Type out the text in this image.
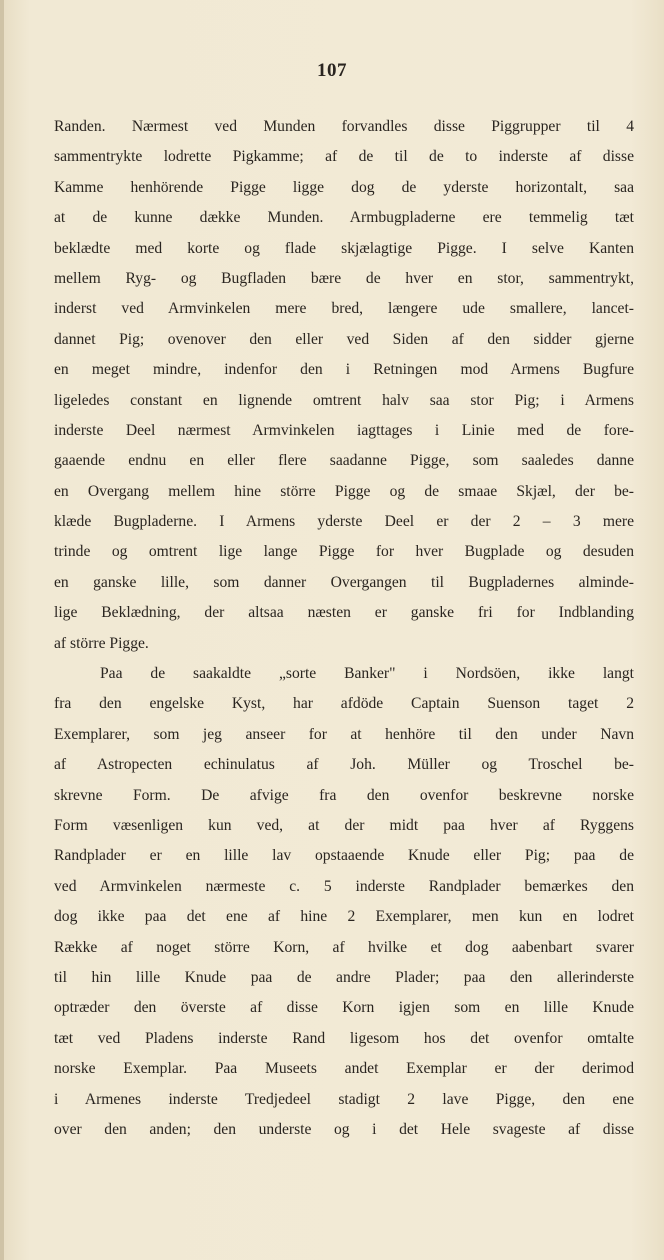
107
Randen. Nærmest ved Munden forvandles disse Piggrupper til 4
sammentrykte lodrette Pigkamme; af de til de to inderste af disse
Kamme henhörende Pigge ligge dog de yderste horizontalt, saa
at de kunne dække Munden. Armbugpladerne ere temmelig tæt
beklædte med korte og flade skjælagtige Pigge. I selve Kanten
mellem Ryg- og Bugfladen bære de hver en stor, sammentrykt,
inderst ved Armvinkelen mere bred, længere ude smallere, lancet-
dannet Pig; ovenover den eller ved Siden af den sidder gjerne
en meget mindre, indenfor den i Retningen mod Armens Bugfure
ligeledes constant en lignende omtrent halv saa stor Pig; i Armens
inderste Deel nærmest Armvinkelen iagttages i Linie med de fore-
gaaende endnu en eller flere saadanne Pigge, som saaledes danne
en Overgang mellem hine större Pigge og de smaae Skjæl, der be-
klæde Bugpladerne. I Armens yderste Deel er der 2 – 3 mere
trinde og omtrent lige lange Pigge for hver Bugplade og desuden
en ganske lille, som danner Overgangen til Bugpladernes alminde-
lige Beklædning, der altsaa næsten er ganske fri for Indblanding
af större Pigge.
Paa de saakaldte „sorte Banker" i Nordsöen, ikke langt
fra den engelske Kyst, har afdöde Captain Suenson taget 2
Exemplarer, som jeg anseer for at henhöre til den under Navn
af Astropecten echinulatus af Joh. Müller og Troschel be-
skrevne Form. De afvige fra den ovenfor beskrevne norske
Form væsenligen kun ved, at der midt paa hver af Ryggens
Randplader er en lille lav opstaaende Knude eller Pig; paa de
ved Armvinkelen nærmeste c. 5 inderste Randplader bemærkes den
dog ikke paa det ene af hine 2 Exemplarer, men kun en lodret
Række af noget större Korn, af hvilke et dog aabenbart svarer
til hin lille Knude paa de andre Plader; paa den allerinderste
optræder den överste af disse Korn igjen som en lille Knude
tæt ved Pladens inderste Rand ligesom hos det ovenfor omtalte
norske Exemplar. Paa Museets andet Exemplar er der derimod
i Armenes inderste Tredjedeel stadigt 2 lave Pigge, den ene
over den anden; den underste og i det Hele svageste af disse
